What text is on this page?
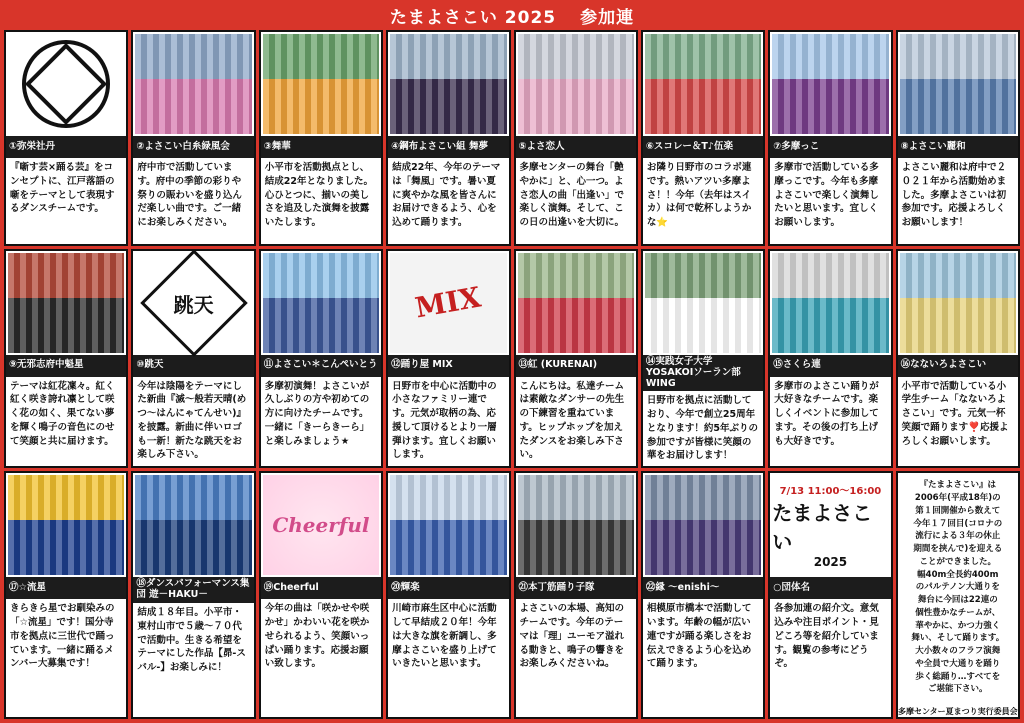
たまよさこい 2025 参加連
①弥栄社丹
『噺す芸×踊る芸』をコンセプトに、江戸落語の噺をテーマとして表現するダンスチームです。
②よさこい白糸緑風会
府中市で活動しています。府中の季節の彩りや祭りの賑わいを盛り込んだ楽しい曲です。ご一緒にお楽しみください。
③舞華
小平市を活動拠点とし、結成22年となりました。心ひとつに、揃いの美しさを追及した演舞を披露いたします。
④鋼布よさこい組 舞夢
結成22年、今年のテーマは「舞風」です。暑い夏に爽やかな風を皆さんにお届けできるよう、心を込めて踊ります。
⑤よさ恋人
多摩センターの舞台「艶やかに」と、心一つ。よさ恋人の曲「出逢い」で楽しく演舞。そして、この日の出逢いを大切に。
⑥スコレー＆T♪伍楽
お隣り日野市のコラボ連です。熱いアツい多摩よさ！！今年（去年はスイカ）は何で乾杯しようかな⭐
⑦多摩っこ
多摩市で活動している多摩っこです。今年も多摩よさこいで楽しく演舞したいと思います。宜しくお願いします。
⑧よさこい麗和
よさこい麗和は府中で２０２１年から活動始めました。多摩よさこいは初参加です。応援よろしくお願いします！
⑨无邪志府中魁星
テーマは紅花凜々。紅く紅く咲き誇れ凛として咲く花の如く、果てない夢を輝く鳴子の音色にのせて笑顔と共に届けます。
跳天
⑩跳天
今年は陰陽をテーマにした新曲『滅〜般若天晴(めつ〜はんにゃてんせい)』を披露。新曲に伴いロゴも一新！新たな跳天をお楽しみ下さい。
⑪よさこい＊こんぺいとう
多摩初演舞！よさこいが久しぶりの方や初めての方に向けたチームです。一緒に「きーらきーら」と楽しみましょう★
MIX
⑫踊り屋 MIX
日野市を中心に活動中の小さなファミリー連です。元気が取柄の為、応援して頂けるとより一層弾けます。宜しくお願いします。
⑬紅 (KURENAI)
こんにちは。私達チームは素敵なダンサーの先生の下練習を重ねています。ヒップホップを加えたダンスをお楽しみ下さい。
⑭実践女子大学 YOSAKOIソーラン部 WING
日野市を拠点に活動しており、今年で創立25周年となります！約5年ぶりの参加ですが皆様に笑顔の華をお届けします！
⑮さくら連
多摩市のよさこい踊りが大好きなチームです。楽しくイベントに参加してます。その後の打ち上げも大好きです。
⑯なないろよさこい
小平市で活動している小学生チーム「なないろよさこい」です。元気一杯笑顔で踊ります❣️応援よろしくお願いします。
⑰☆流星
きらきら星でお馴染みの「☆流星」です！国分寺市を拠点に三世代で踊っています。一緒に踊るメンバー大募集です！
⑱ダンスパフォーマンス集団 遊－HAKU－
結成１８年目。小平市・東村山市で５歳〜７０代で活動中。生きる希望をテーマにした作品【昴-スバル-】お楽しみに！
Cheerful
⑲Cheerful
今年の曲は「咲かせや咲かせ」かわいい花を咲かせられるよう、笑顔いっぱい踊ります。応援お願い致します。
⑳輝楽
川崎市麻生区中心に活動して早結成２０年！今年は大きな旗を新調し、多摩よさこいを盛り上げていきたいと思います。
㉑本丁筋踊り子隊
よさこいの本場、高知のチームです。今年のテーマは「理」ユーモア溢れる動きと、鳴子の響きをお楽しみくださいね。
㉒縁 〜enishi〜
相模原市橋本で活動しています。年齢の幅が広い連ですが踊る楽しさをお伝えできるよう心を込めて踊ります。
7/13 11:00〜16:00
たまよさこい
2025
○団体名
各参加連の紹介文。意気込みや注目ポイント・見どころ等を紹介しています。観覧の参考にどうぞ。
『たまよさこい』は
2006年(平成18年)の
第１回開催から数えて
今年１７回目(コロナの
流行による３年の休止
期間を挟んで)を迎える
ことができました。
幅40m全長約400m
のパルテノン大通りを
舞台に今回は22連の
個性豊かなチームが、
華やかに、かつ力強く
舞い、そして踊ります。
大小数々のフラフ演舞
や全員で大通りを踊り
歩く総踊り…すべてを
ご堪能下さい。
多摩センター夏まつり実行委員会
